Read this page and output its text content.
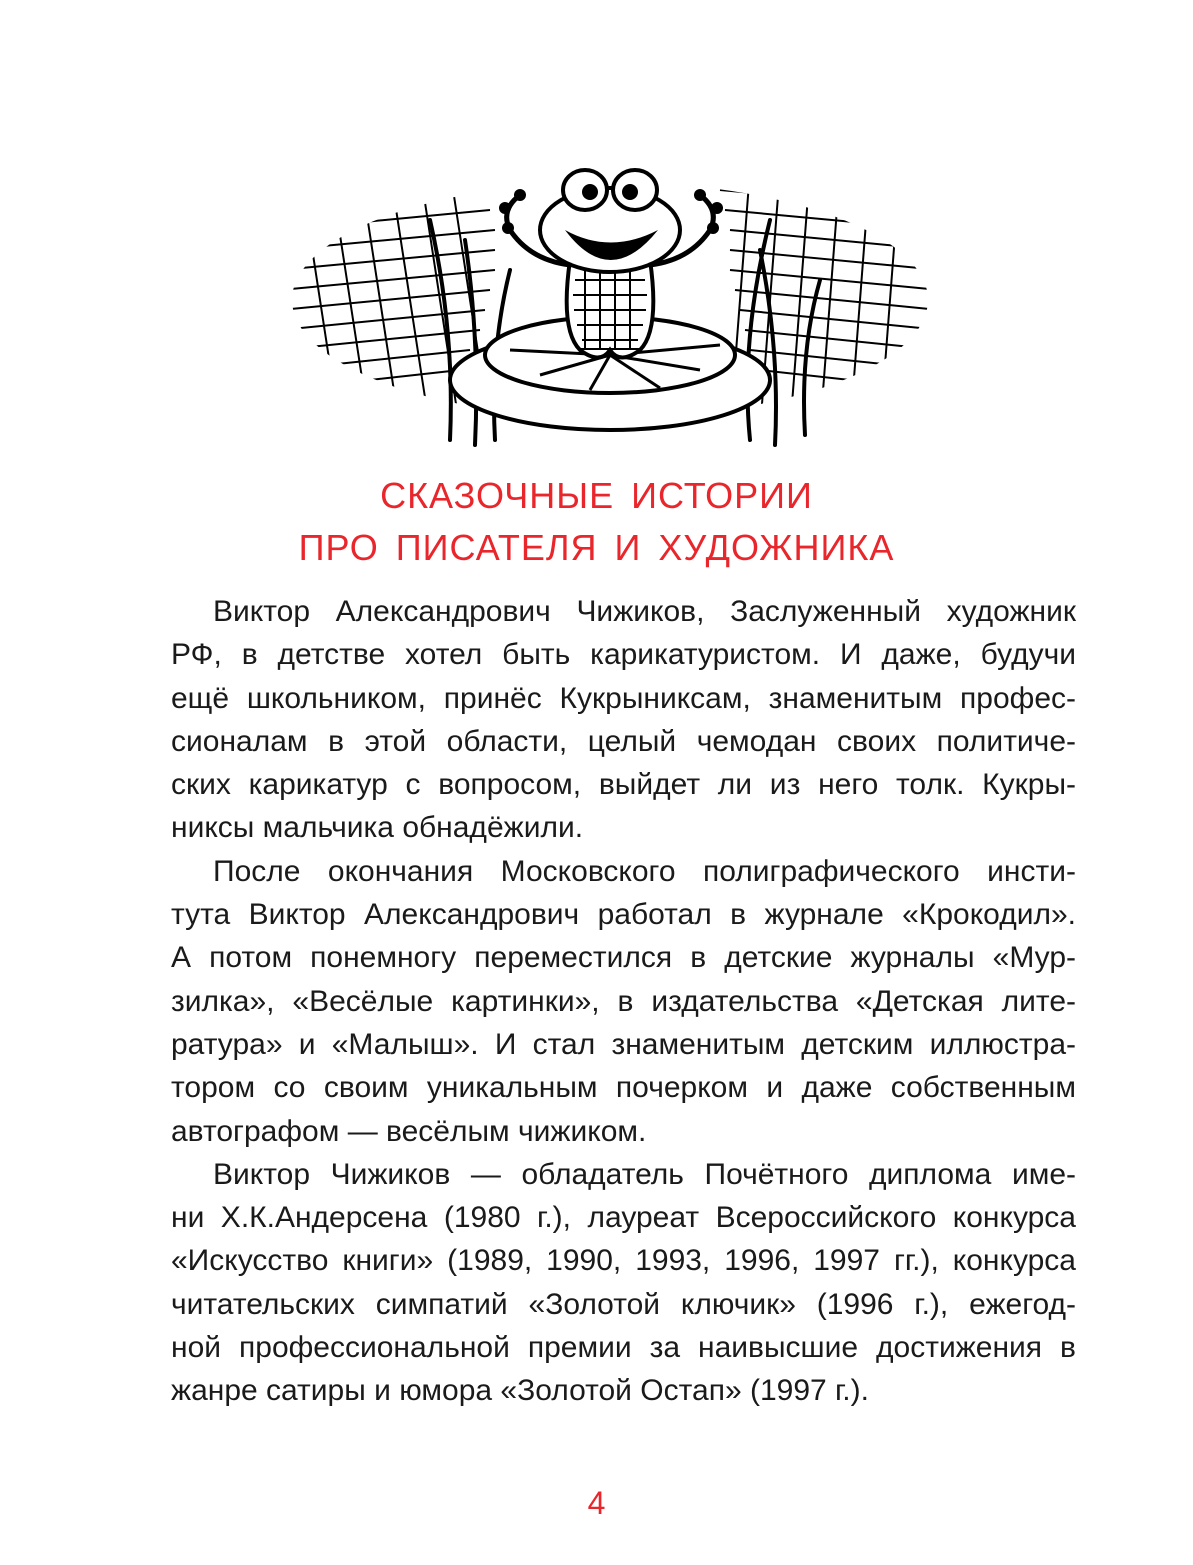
СКАЗОЧНЫЕ ИСТОРИИ
ПРО ПИСАТЕЛЯ И ХУДОЖНИКА

Виктор Александрович Чижиков, Заслуженный художник
РФ, в детстве хотел быть карикатуристом. И даже, будучи
ещё школьником, принёс Кукрыниксам, знаменитым профес-
сионалам в этой области, целый чемодан своих политиче-
ских карикатур с вопросом, выйдет ли из него толк. Кукры-
никсы мальчика обнадёжили.

После окончания Московского полиграфического инсти-
тута Виктор Александрович работал в журнале «Крокодил».
А потом понемногу переместился в детские журналы «Мур-
зилка», «Весёлые картинки», в издательства «Детская лите-
ратура» и «Малыш». И стал знаменитым детским иллюстра-
тором со своим уникальным почерком и даже собственным
автографом — весёлым чижиком.

Виктор Чижиков — обладатель Почётного диплома име-
ни Х.К.Андерсена (1980 г.), лауреат Всероссийского конкурса
«Искусство книги» (1989, 1990, 1993, 1996, 1997 гг.), конкурса
читательских симпатий «Золотой ключик» (1996 г.), ежегод-
ной профессиональной премии за наивысшие достижения в
жанре сатиры и юмора «Золотой Остап» (1997 г.).

4
